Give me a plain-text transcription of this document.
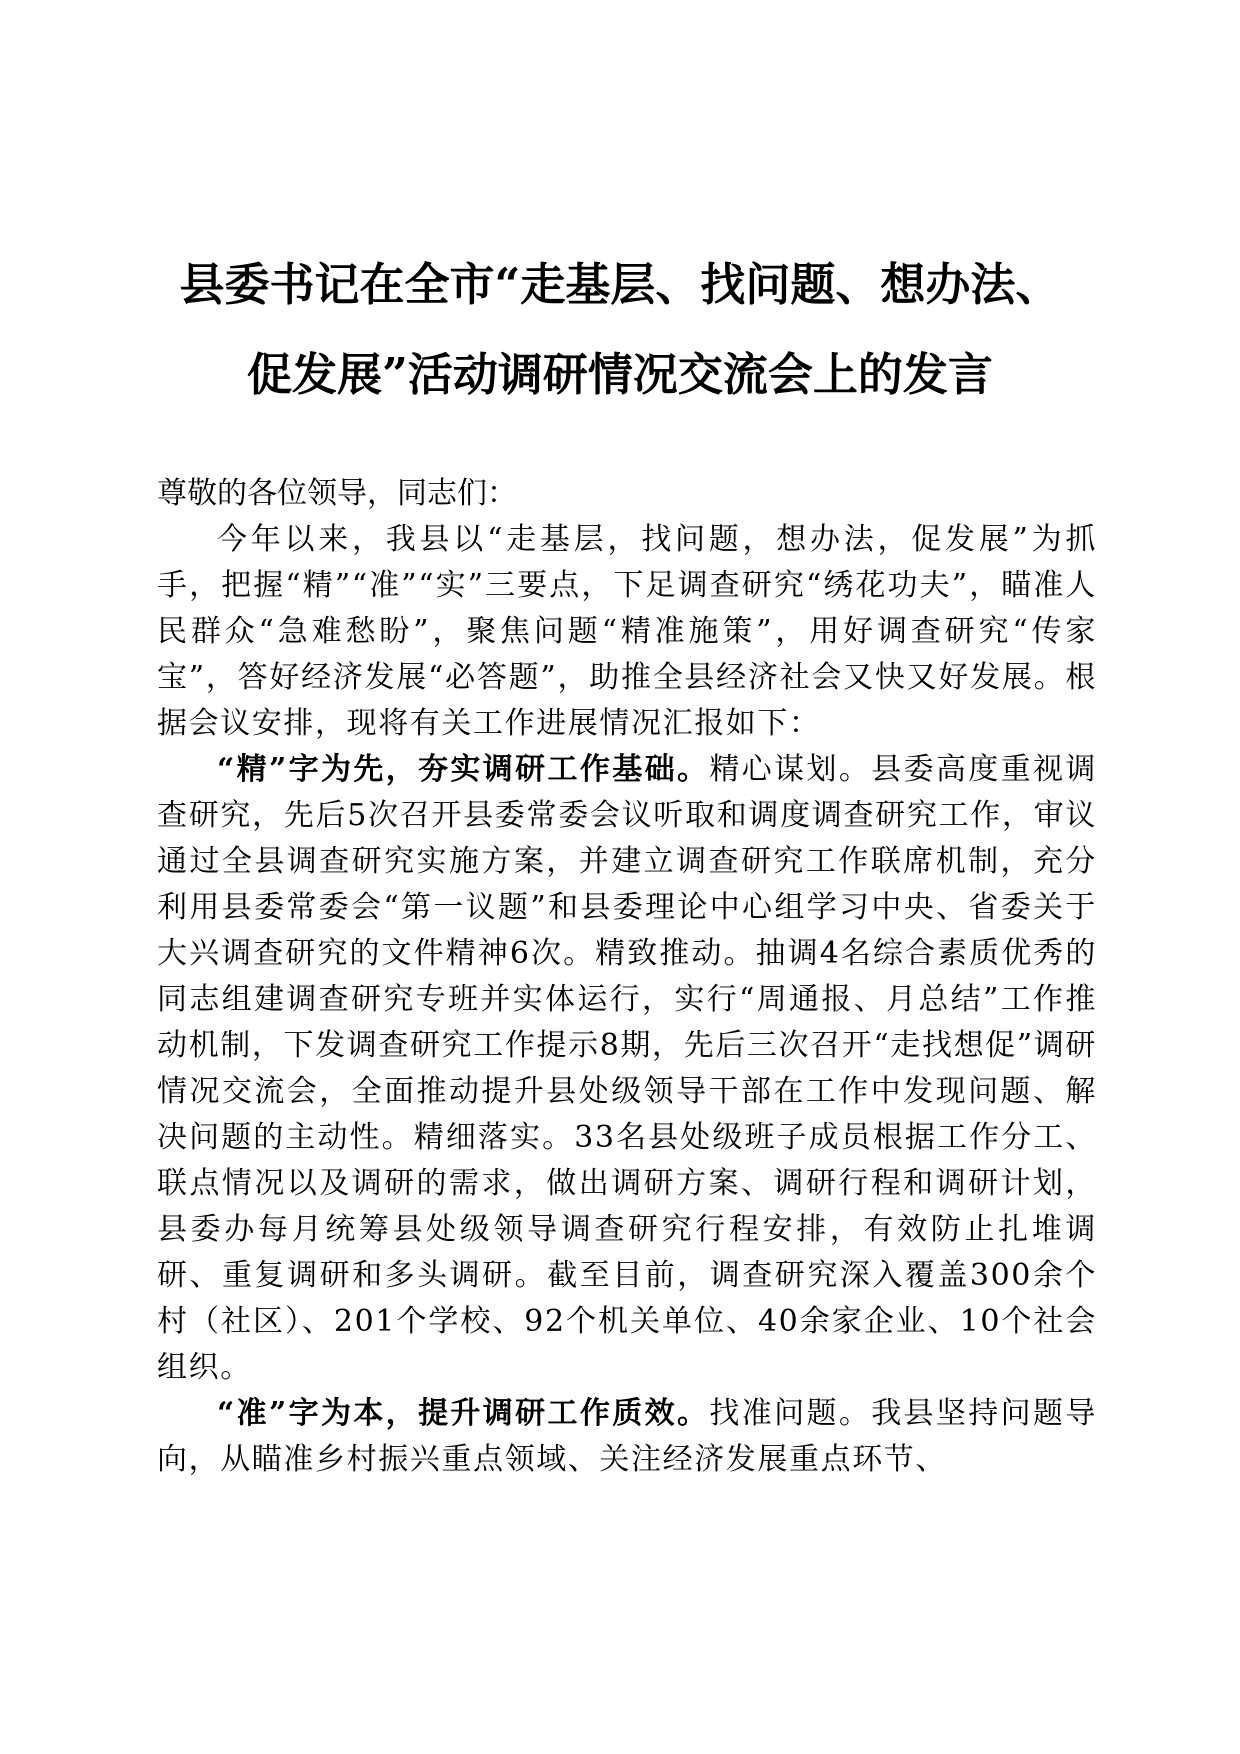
县委书记在全市“走基层、找问题、想办法、
促发展”活动调研情况交流会上的发言

尊敬的各位领导，同志们：

今年以来，我县以“走基层，找问题，想办法，促发展”为抓手，把握“精”“准”“实”三要点，下足调查研究“绣花功夫”，瞄准人民群众“急难愁盼”，聚焦问题“精准施策”，用好调查研究“传家宝”，答好经济发展“必答题”，助推全县经济社会又快又好发展。根据会议安排，现将有关工作进展情况汇报如下：

“精”字为先，夯实调研工作基础。精心谋划。县委高度重视调查研究，先后5次召开县委常委会议听取和调度调查研究工作，审议通过全县调查研究实施方案，并建立调查研究工作联席机制，充分利用县委常委会“第一议题”和县委理论中心组学习中央、省委关于大兴调查研究的文件精神6次。精致推动。抽调4名综合素质优秀的同志组建调查研究专班并实体运行，实行“周通报、月总结”工作推动机制，下发调查研究工作提示8期，先后三次召开“走找想促”调研情况交流会，全面推动提升县处级领导干部在工作中发现问题、解决问题的主动性。精细落实。33名县处级班子成员根据工作分工、联点情况以及调研的需求，做出调研方案、调研行程和调研计划，县委办每月统筹县处级领导调查研究行程安排，有效防止扎堆调研、重复调研和多头调研。截至目前，调查研究深入覆盖300余个村（社区）、201个学校、92个机关单位、40余家企业、10个社会组织。

“准”字为本，提升调研工作质效。找准问题。我县坚持问题导向，从瞄准乡村振兴重点领域、关注经济发展重点环节、
